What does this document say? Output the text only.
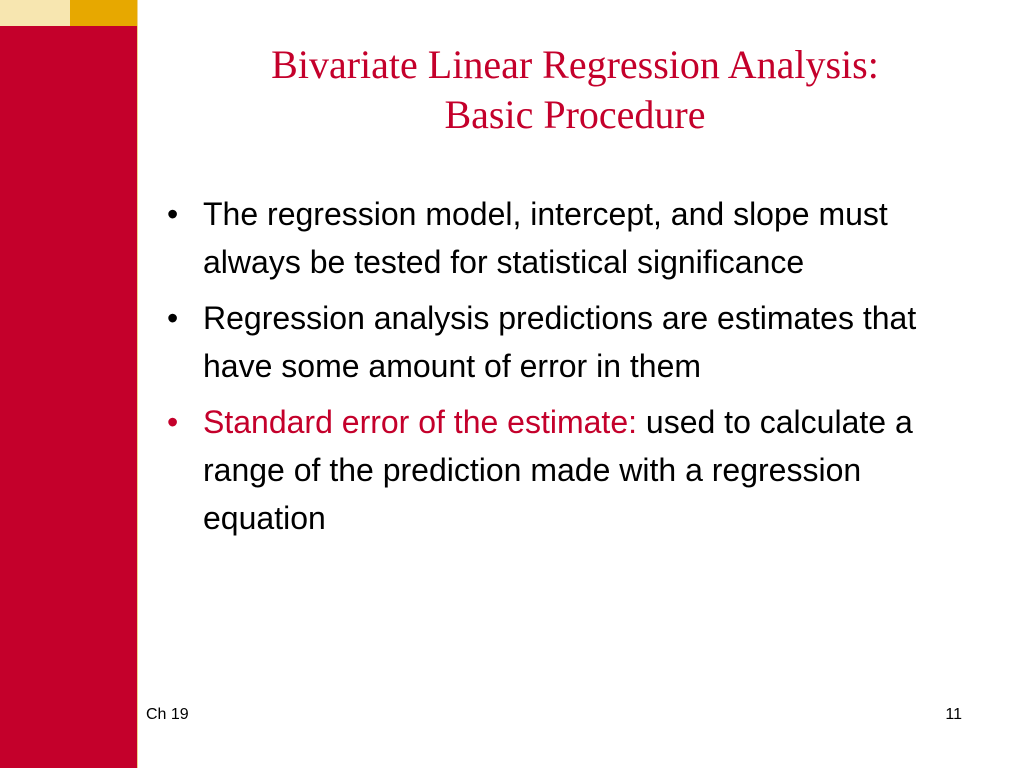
Bivariate Linear Regression Analysis:
Basic Procedure
• The regression model, intercept, and slope must always be tested for statistical significance
• Regression analysis predictions are estimates that have some amount of error in them
• Standard error of the estimate: used to calculate a range of the prediction made with a regression equation
Ch 19	11
